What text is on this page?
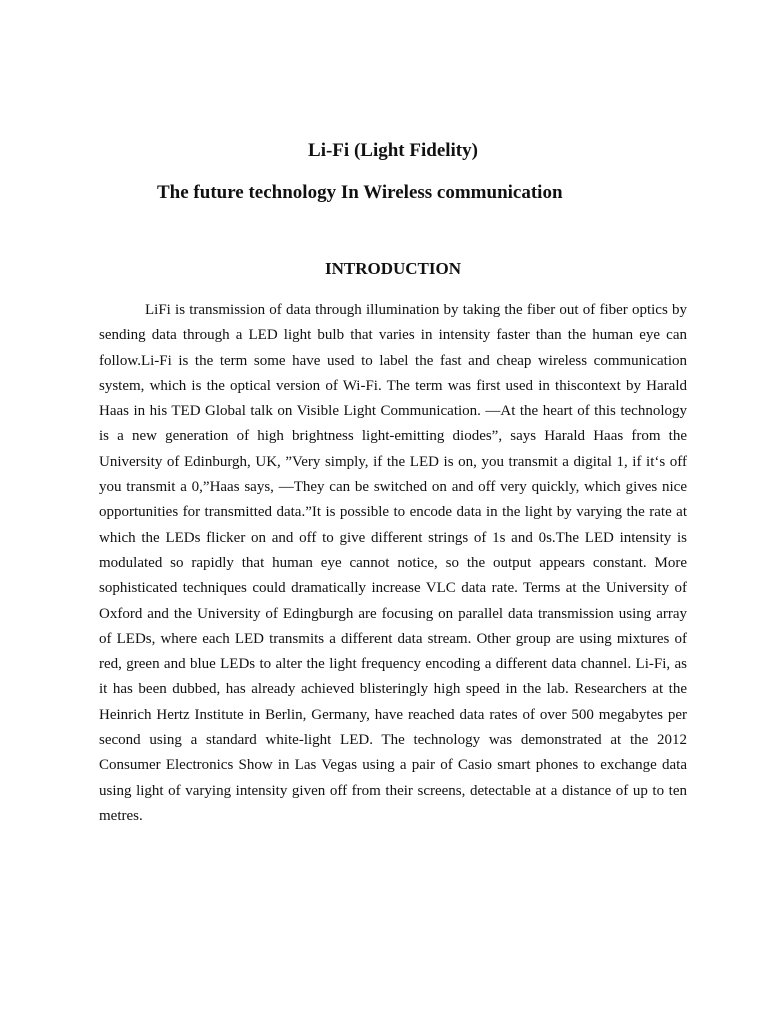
Li-Fi (Light Fidelity)
The future technology In Wireless communication
INTRODUCTION

LiFi is transmission of data through illumination by taking the fiber out of fiber optics by sending data through a LED light bulb that varies in intensity faster than the human eye can follow.Li-Fi is the term some have used to label the fast and cheap wireless communication system, which is the optical version of Wi-Fi. The term was first used in thiscontext by Harald Haas in his TED Global talk on Visible Light Communication. —At the heart of this technology is a new generation of high brightness light-emitting diodes”, says Harald Haas from the University of Edinburgh, UK, ”Very simply, if the LED is on, you transmit a digital 1, if it‘s off you transmit a 0,”Haas says, —They can be switched on and off very quickly, which gives nice opportunities for transmitted data.”It is possible to encode data in the light by varying the rate at which the LEDs flicker on and off to give different strings of 1s and 0s.The LED intensity is modulated so rapidly that human eye cannot notice, so the output appears constant. More sophisticated techniques could dramatically increase VLC data rate. Terms at the University of Oxford and the University of Edingburgh are focusing on parallel data transmission using array of LEDs, where each LED transmits a different data stream. Other group are using mixtures of red, green and blue LEDs to alter the light frequency encoding a different data channel. Li-Fi, as it has been dubbed, has already achieved blisteringly high speed in the lab. Researchers at the Heinrich Hertz Institute in Berlin, Germany, have reached data rates of over 500 megabytes per second using a standard white-light LED. The technology was demonstrated at the 2012 Consumer Electronics Show in Las Vegas using a pair of Casio smart phones to exchange data using light of varying intensity given off from their screens, detectable at a distance of up to ten metres.
